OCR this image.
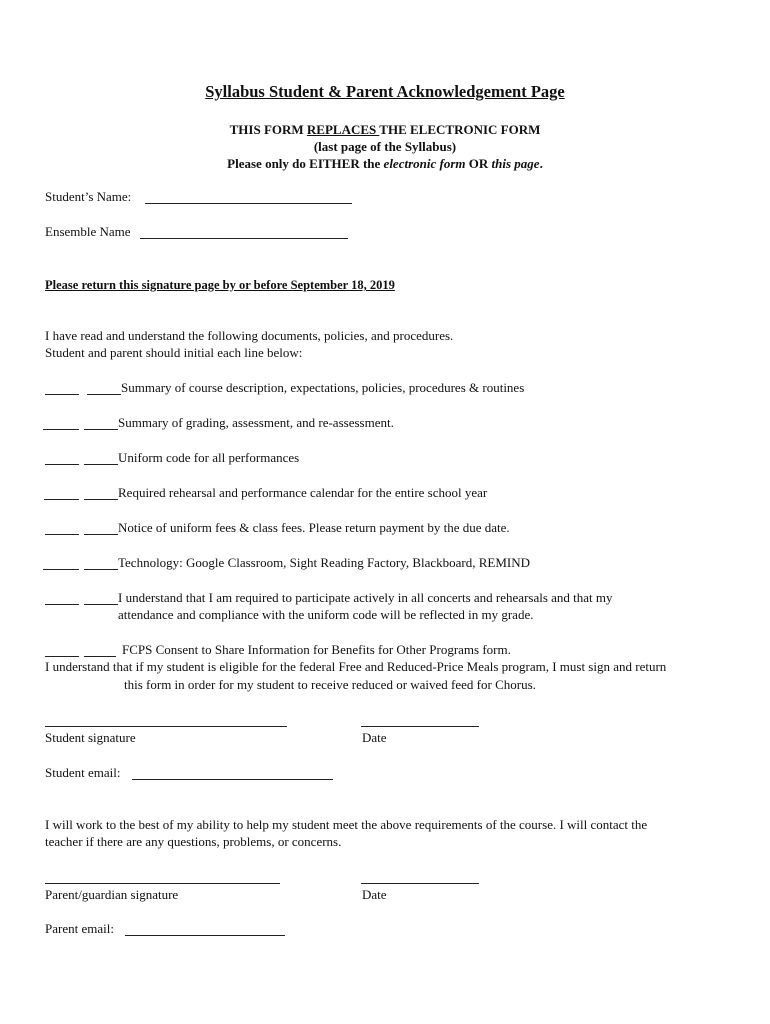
Syllabus Student & Parent Acknowledgement Page
THIS FORM REPLACES THE ELECTRONIC FORM
(last page of the Syllabus)
Please only do EITHER the electronic form OR this page.
Student’s Name:
Ensemble Name
Please return this signature page by or before September 18, 2019
I have read and understand the following documents, policies, and procedures.
Student and parent should initial each line below:
Summary of course description, expectations, policies, procedures & routines
Summary of grading, assessment, and re-assessment.
Uniform code for all performances
Required rehearsal and performance calendar for the entire school year
Notice of uniform fees & class fees. Please return payment by the due date.
Technology: Google Classroom, Sight Reading Factory, Blackboard, REMIND
I understand that I am required to participate actively in all concerts and rehearsals and that my
attendance and compliance with the uniform code will be reflected in my grade.
FCPS Consent to Share Information for Benefits for Other Programs form.
I understand that if my student is eligible for the federal Free and Reduced-Price Meals program, I must sign and return
this form in order for my student to receive reduced or waived feed for Chorus.
Student signature	Date
Student email:
I will work to the best of my ability to help my student meet the above requirements of the course. I will contact the
teacher if there are any questions, problems, or concerns.
Parent/guardian signature	Date
Parent email:
